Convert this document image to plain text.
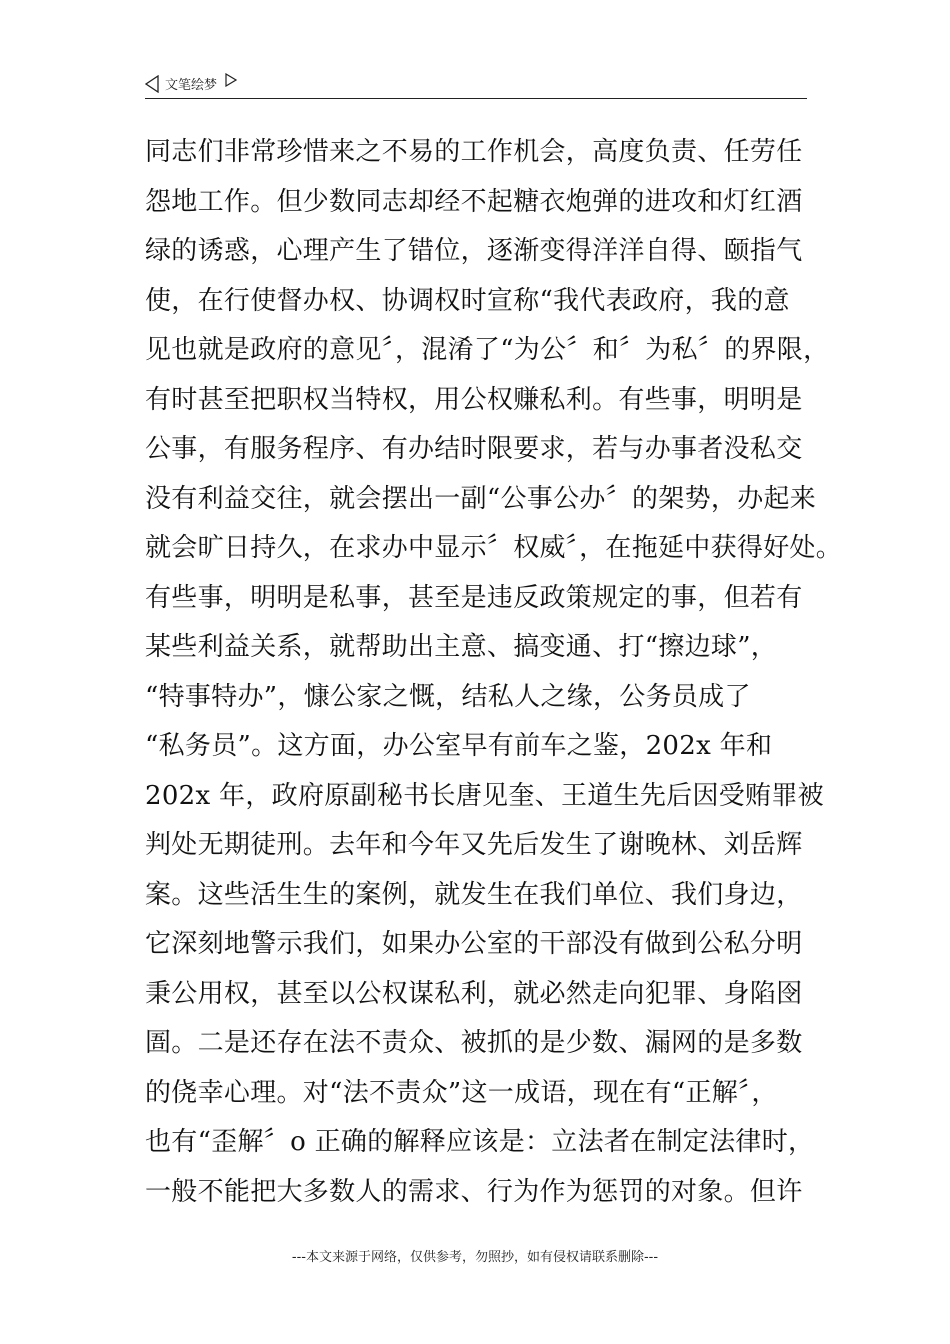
文笔绘梦
同志们非常珍惜来之不易的工作机会，高度负责、任劳任
怨地工作。但少数同志却经不起糖衣炮弹的进攻和灯红酒
绿的诱惑，心理产生了错位，逐渐变得洋洋自得、颐指气
使，在行使督办权、协调权时宣称“我代表政府，我的意
见也就是政府的意见〞，混淆了“为公〞和〞为私〞的界限，
有时甚至把职权当特权，用公权赚私利。有些事，明明是
公事，有服务程序、有办结时限要求，若与办事者没私交
没有利益交往，就会摆出一副“公事公办〞的架势，办起来
就会旷日持久，在求办中显示〞权威〞，在拖延中获得好处。
有些事，明明是私事，甚至是违反政策规定的事，但若有
某些利益关系，就帮助出主意、搞变通、打“擦边球”，
“特事特办”，慷公家之慨，结私人之缘，公务员成了
“私务员”。这方面，办公室早有前车之鉴，202x 年和
202x 年，政府原副秘书长唐见奎、王道生先后因受贿罪被
判处无期徒刑。去年和今年又先后发生了谢晚林、刘岳辉
案。这些活生生的案例，就发生在我们单位、我们身边，
它深刻地警示我们，如果办公室的干部没有做到公私分明
秉公用权，甚至以公权谋私利，就必然走向犯罪、身陷囹
圄。二是还存在法不责众、被抓的是少数、漏网的是多数
的侥幸心理。对“法不责众”这一成语，现在有“正解〞，
也有“歪解〞o 正确的解释应该是：立法者在制定法律时，
一般不能把大多数人的需求、行为作为惩罚的对象。但许
---本文来源于网络，仅供参考，勿照抄，如有侵权请联系删除---
